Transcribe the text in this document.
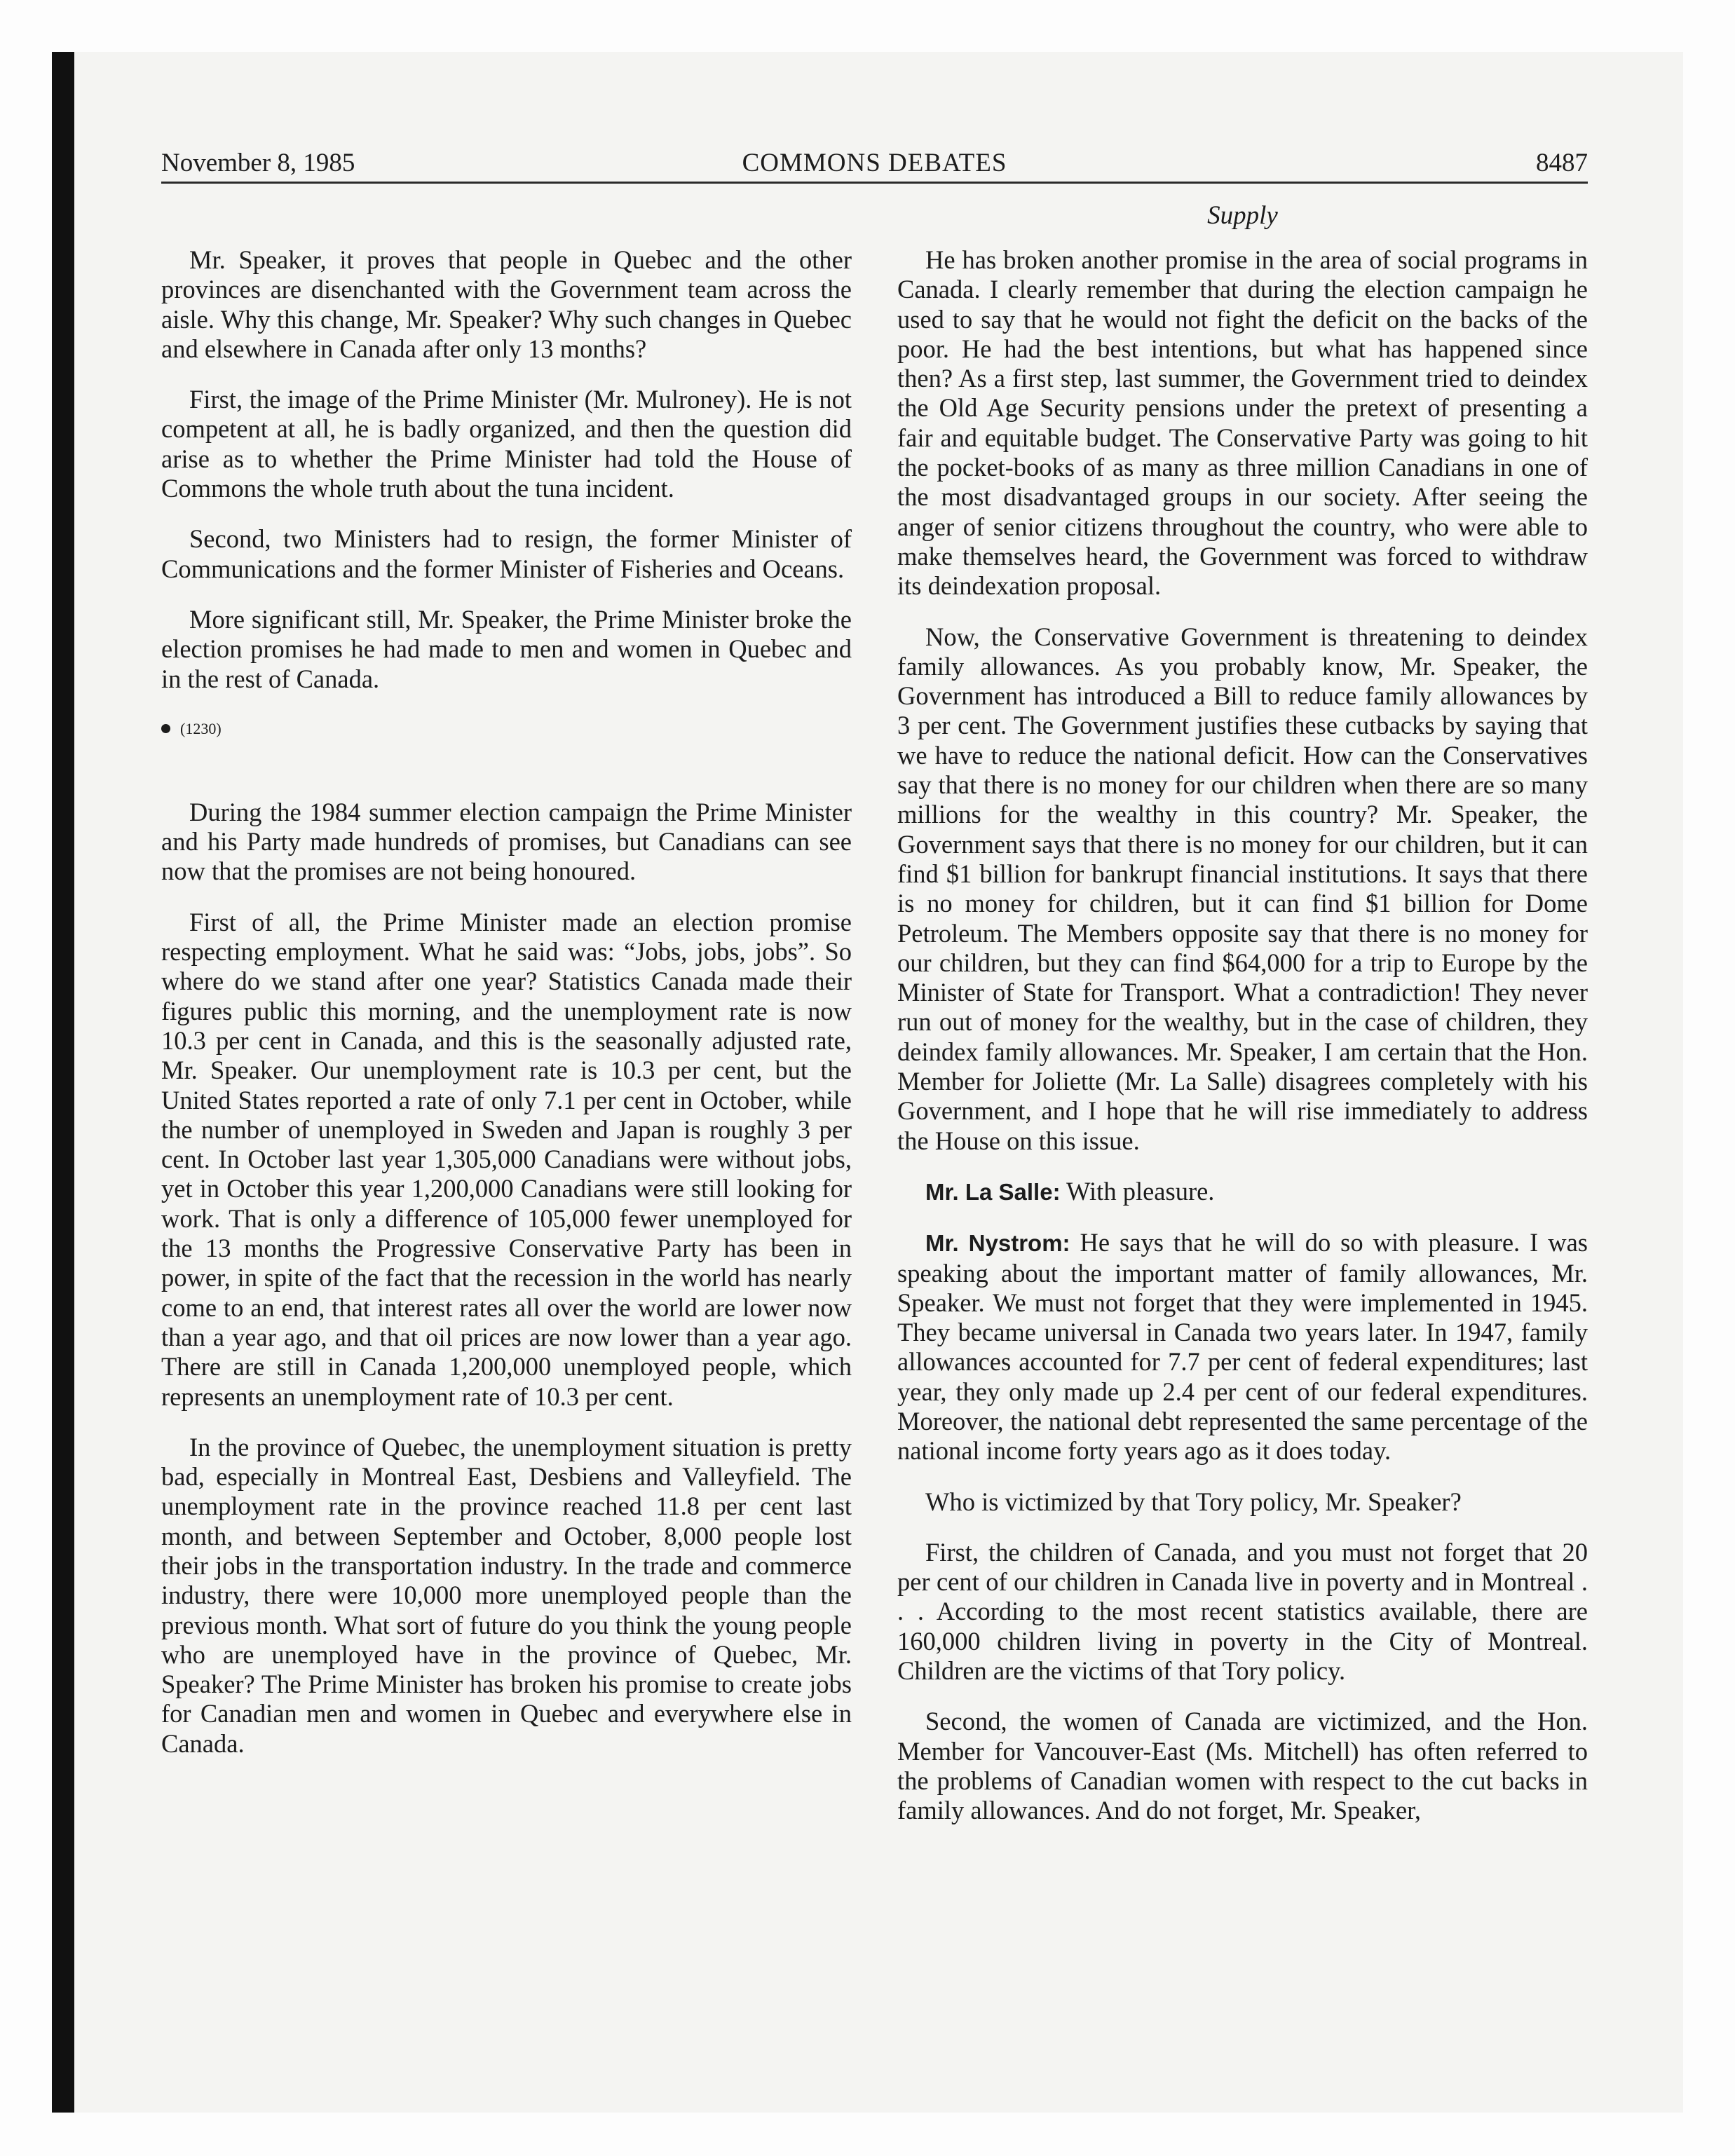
November 8, 1985	COMMONS DEBATES	8487
Supply

Mr. Speaker, it proves that people in Quebec and the other provinces are disenchanted with the Government team across the aisle. Why this change, Mr. Speaker? Why such changes in Quebec and elsewhere in Canada after only 13 months?

First, the image of the Prime Minister (Mr. Mulroney). He is not competent at all, he is badly organized, and then the question did arise as to whether the Prime Minister had told the House of Commons the whole truth about the tuna incident.

Second, two Ministers had to resign, the former Minister of Communications and the former Minister of Fisheries and Oceans.

More significant still, Mr. Speaker, the Prime Minister broke the election promises he had made to men and women in Quebec and in the rest of Canada.

(1230)

During the 1984 summer election campaign the Prime Minister and his Party made hundreds of promises, but Canadians can see now that the promises are not being honoured.

First of all, the Prime Minister made an election promise respecting employment. What he said was: “Jobs, jobs, jobs”. So where do we stand after one year? Statistics Canada made their figures public this morning, and the unemployment rate is now 10.3 per cent in Canada, and this is the seasonally adjusted rate, Mr. Speaker. Our unemployment rate is 10.3 per cent, but the United States reported a rate of only 7.1 per cent in October, while the number of unemployed in Sweden and Japan is roughly 3 per cent. In October last year 1,305,000 Canadians were without jobs, yet in October this year 1,200,000 Canadians were still looking for work. That is only a difference of 105,000 fewer unemployed for the 13 months the Progressive Conservative Party has been in power, in spite of the fact that the recession in the world has nearly come to an end, that interest rates all over the world are lower now than a year ago, and that oil prices are now lower than a year ago. There are still in Canada 1,200,000 unemployed people, which represents an unemployment rate of 10.3 per cent.

In the province of Quebec, the unemployment situation is pretty bad, especially in Montreal East, Desbiens and Valleyfield. The unemployment rate in the province reached 11.8 per cent last month, and between September and October, 8,000 people lost their jobs in the transportation industry. In the trade and commerce industry, there were 10,000 more unemployed people than the previous month. What sort of future do you think the young people who are unemployed have in the province of Quebec, Mr. Speaker? The Prime Minister has broken his promise to create jobs for Canadian men and women in Quebec and everywhere else in Canada.

He has broken another promise in the area of social programs in Canada. I clearly remember that during the election campaign he used to say that he would not fight the deficit on the backs of the poor. He had the best intentions, but what has happened since then? As a first step, last summer, the Government tried to deindex the Old Age Security pensions under the pretext of presenting a fair and equitable budget. The Conservative Party was going to hit the pocket-books of as many as three million Canadians in one of the most disadvantaged groups in our society. After seeing the anger of senior citizens throughout the country, who were able to make themselves heard, the Government was forced to withdraw its deindexation proposal.

Now, the Conservative Government is threatening to deindex family allowances. As you probably know, Mr. Speaker, the Government has introduced a Bill to reduce family allowances by 3 per cent. The Government justifies these cutbacks by saying that we have to reduce the national deficit. How can the Conservatives say that there is no money for our children when there are so many millions for the wealthy in this country? Mr. Speaker, the Government says that there is no money for our children, but it can find $1 billion for bankrupt financial institutions. It says that there is no money for children, but it can find $1 billion for Dome Petroleum. The Members opposite say that there is no money for our children, but they can find $64,000 for a trip to Europe by the Minister of State for Transport. What a contradiction! They never run out of money for the wealthy, but in the case of children, they deindex family allowances. Mr. Speaker, I am certain that the Hon. Member for Joliette (Mr. La Salle) disagrees completely with his Government, and I hope that he will rise immediately to address the House on this issue.

Mr. La Salle: With pleasure.

Mr. Nystrom: He says that he will do so with pleasure. I was speaking about the important matter of family allowances, Mr. Speaker. We must not forget that they were implemented in 1945. They became universal in Canada two years later. In 1947, family allowances accounted for 7.7 per cent of federal expenditures; last year, they only made up 2.4 per cent of our federal expenditures. Moreover, the national debt represented the same percentage of the national income forty years ago as it does today.

Who is victimized by that Tory policy, Mr. Speaker?

First, the children of Canada, and you must not forget that 20 per cent of our children in Canada live in poverty and in Montreal . . . According to the most recent statistics available, there are 160,000 children living in poverty in the City of Montreal. Children are the victims of that Tory policy.

Second, the women of Canada are victimized, and the Hon. Member for Vancouver-East (Ms. Mitchell) has often referred to the problems of Canadian women with respect to the cut backs in family allowances. And do not forget, Mr. Speaker,
